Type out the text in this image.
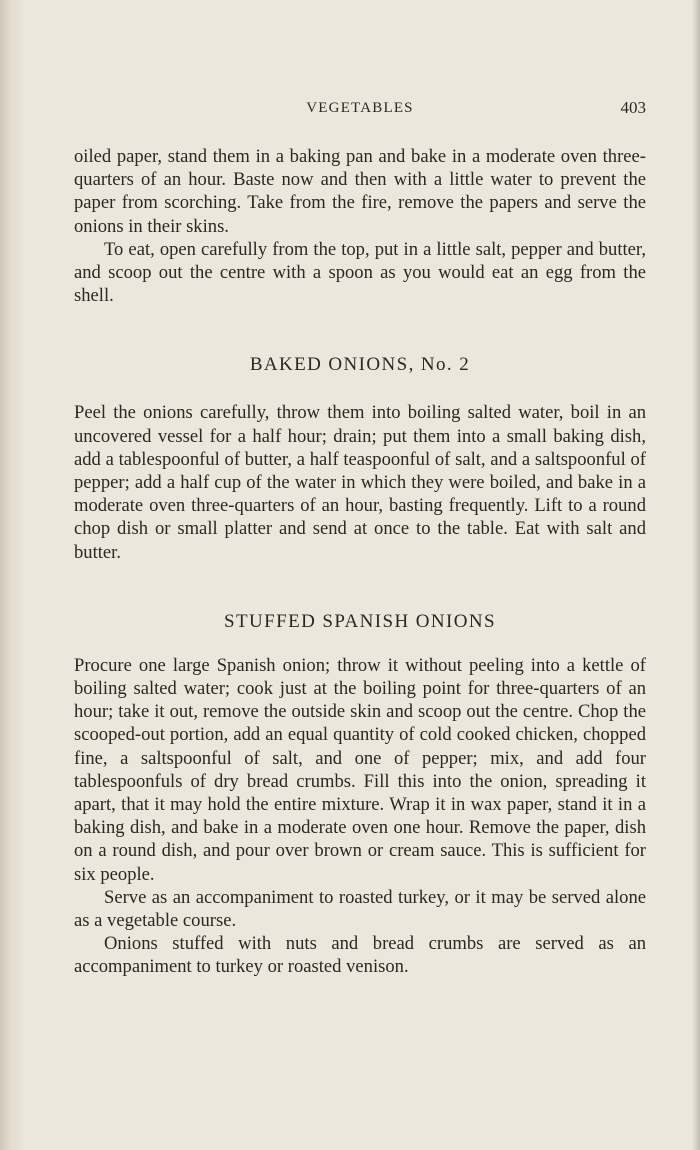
VEGETABLES	403

oiled paper, stand them in a baking pan and bake in a moderate oven three-quarters of an hour. Baste now and then with a little water to prevent the paper from scorching. Take from the fire, remove the papers and serve the onions in their skins.

To eat, open carefully from the top, put in a little salt, pepper and butter, and scoop out the centre with a spoon as you would eat an egg from the shell.

BAKED ONIONS, No. 2

Peel the onions carefully, throw them into boiling salted water, boil in an uncovered vessel for a half hour; drain; put them into a small baking dish, add a tablespoonful of butter, a half teaspoonful of salt, and a saltspoonful of pepper; add a half cup of the water in which they were boiled, and bake in a moderate oven three-quarters of an hour, basting frequently. Lift to a round chop dish or small platter and send at once to the table. Eat with salt and butter.

STUFFED SPANISH ONIONS

Procure one large Spanish onion; throw it without peeling into a kettle of boiling salted water; cook just at the boiling point for three-quarters of an hour; take it out, remove the outside skin and scoop out the centre. Chop the scooped-out portion, add an equal quantity of cold cooked chicken, chopped fine, a saltspoonful of salt, and one of pepper; mix, and add four tablespoonfuls of dry bread crumbs. Fill this into the onion, spreading it apart, that it may hold the entire mixture. Wrap it in wax paper, stand it in a baking dish, and bake in a moderate oven one hour. Remove the paper, dish on a round dish, and pour over brown or cream sauce. This is sufficient for six people.

Serve as an accompaniment to roasted turkey, or it may be served alone as a vegetable course.

Onions stuffed with nuts and bread crumbs are served as an accompaniment to turkey or roasted venison.
